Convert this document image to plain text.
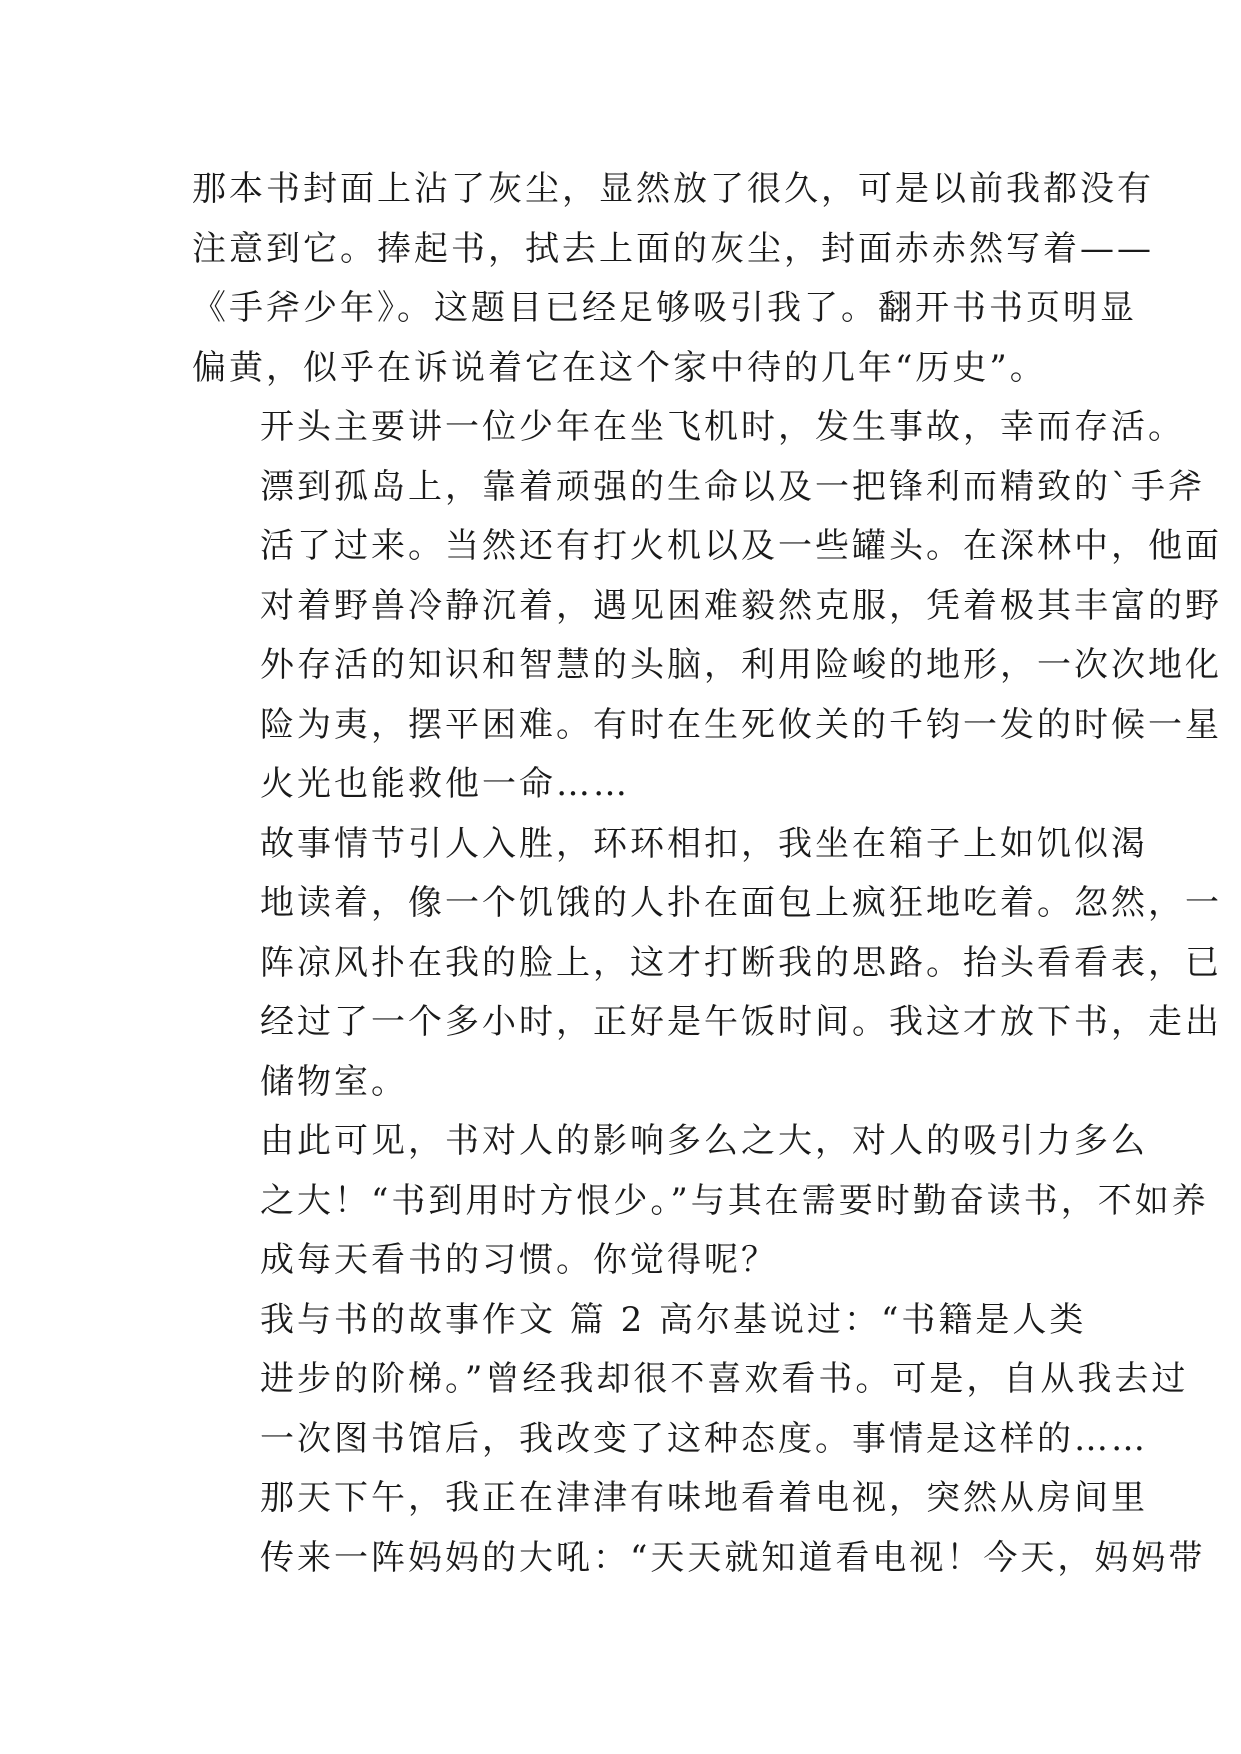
那本书封面上沾了灰尘，显然放了很久，可是以前我都没有
注意到它。捧起书，拭去上面的灰尘，封面赤赤然写着——
《手斧少年》。这题目已经足够吸引我了。翻开书书页明显
偏黄，似乎在诉说着它在这个家中待的几年“历史”。
开头主要讲一位少年在坐飞机时，发生事故，幸而存活。
漂到孤岛上，靠着顽强的生命以及一把锋利而精致的`手斧
活了过来。当然还有打火机以及一些罐头。在深林中，他面
对着野兽冷静沉着，遇见困难毅然克服，凭着极其丰富的野
外存活的知识和智慧的头脑，利用险峻的地形，一次次地化
险为夷，摆平困难。有时在生死攸关的千钧一发的时候一星
火光也能救他一命……
故事情节引人入胜，环环相扣，我坐在箱子上如饥似渴
地读着，像一个饥饿的人扑在面包上疯狂地吃着。忽然，一
阵凉风扑在我的脸上，这才打断我的思路。抬头看看表，已
经过了一个多小时，正好是午饭时间。我这才放下书，走出
储物室。
由此可见，书对人的影响多么之大，对人的吸引力多么
之大！“书到用时方恨少。”与其在需要时勤奋读书，不如养
成每天看书的习惯。你觉得呢？
我与书的故事作文 篇 2 高尔基说过：“书籍是人类
进步的阶梯。”曾经我却很不喜欢看书。可是，自从我去过
一次图书馆后，我改变了这种态度。事情是这样的……
那天下午，我正在津津有味地看着电视，突然从房间里
传来一阵妈妈的大吼：“天天就知道看电视！今天，妈妈带
